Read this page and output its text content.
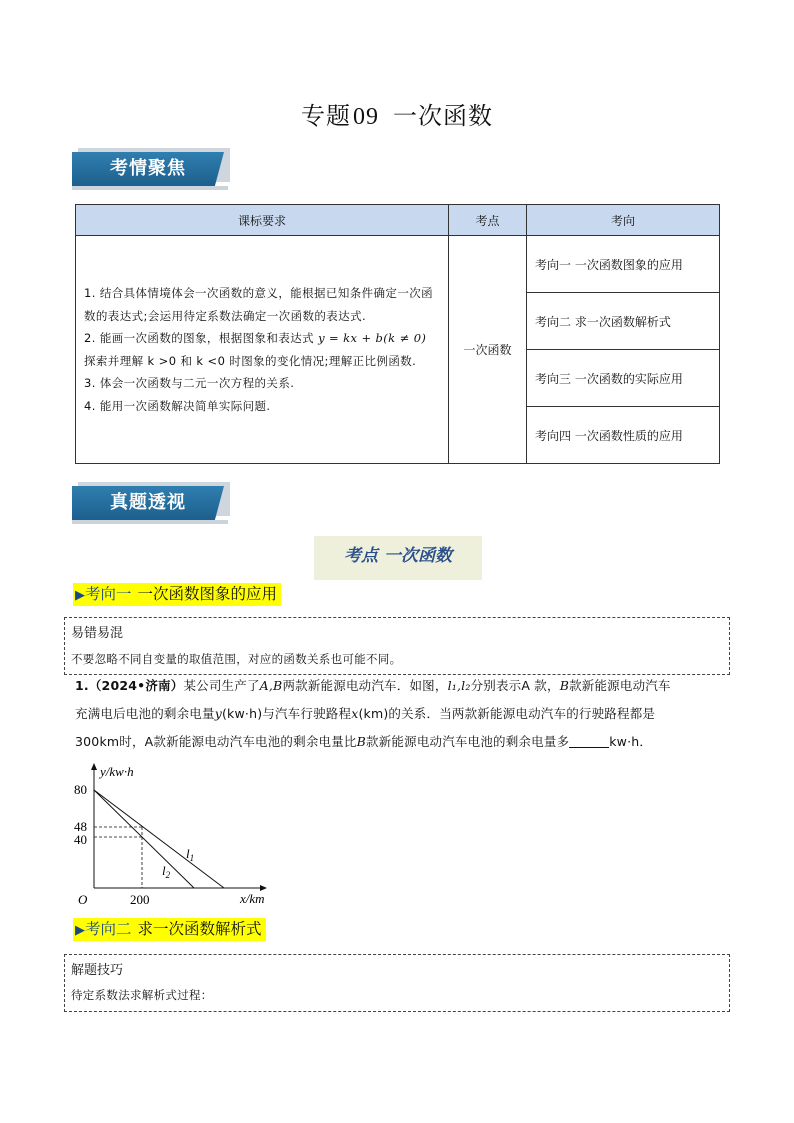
专题09 一次函数
考情聚焦
课标要求	考点	考向

1. 结合具体情境体会一次函数的意义，能根据已知条件确定一次函数的表达式;会运用待定系数法确定一次函数的表达式.

2. 能画一次函数的图象，根据图象和表达式 y = kx + b(k ≠ 0)

探索并理解 k >0 和 k <0 时图象的变化情况;理解正比例函数.

3. 体会一次函数与二元一次方程的关系.

4. 能用一次函数解决简单实际问题.	一次函数	考向一 一次函数图象的应用
		考向二 求一次函数解析式
		考向三 一次函数的实际应用
		考向四 一次函数性质的应用
真题透视
考点 一次函数
▶考向一 一次函数图象的应用
易错易混
不要忽略不同自变量的取值范围，对应的函数关系也可能不同。
1.（2024•济南）某公司生产了A,B两款新能源电动汽车．如图，l₁,l₂分别表示A 款，B款新能源电动汽车
充满电后电池的剩余电量y(kw·h)与汽车行驶路程x(km)的关系．当两款新能源电动汽车的行驶路程都是
300km时，A款新能源电动汽车电池的剩余电量比B款新能源电动汽车电池的剩余电量多	kw·h．
y/kw·h
x/km
O
80
48
40
200
$l_1$
$l_2$
▶考向二 求一次函数解析式
解题技巧
待定系数法求解析式过程：
